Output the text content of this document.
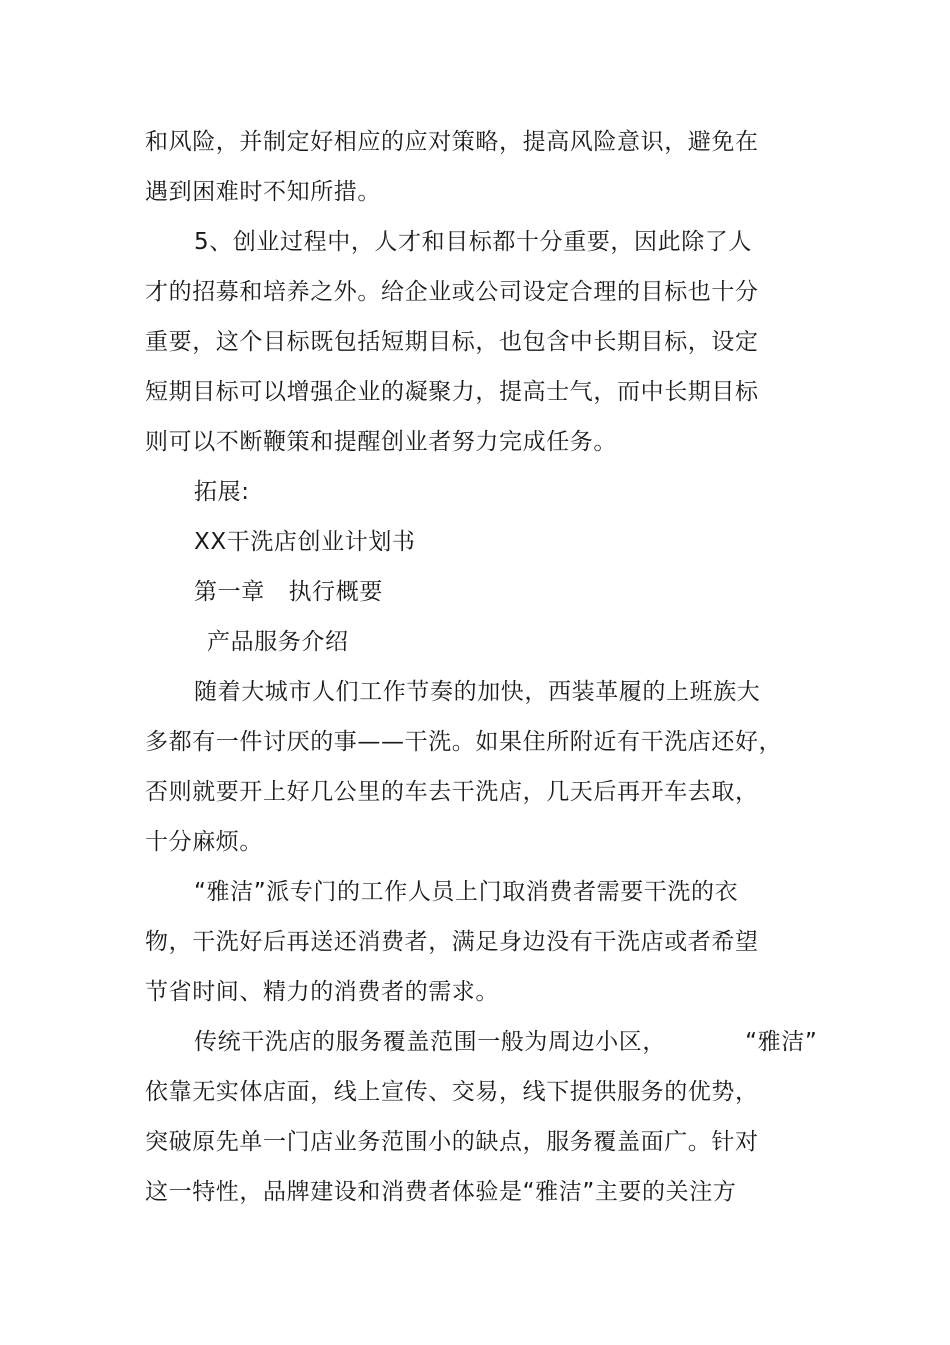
和风险，并制定好相应的应对策略，提高风险意识，避免在
遇到困难时不知所措。
5、创业过程中，人才和目标都十分重要，因此除了人
才的招募和培养之外。给企业或公司设定合理的目标也十分
重要，这个目标既包括短期目标，也包含中长期目标，设定
短期目标可以增强企业的凝聚力，提高士气，而中长期目标
则可以不断鞭策和提醒创业者努力完成任务。
拓展:
XX干洗店创业计划书
第一章   执行概要
产品服务介绍
随着大城市人们工作节奏的加快，西装革履的上班族大
多都有一件讨厌的事——干洗。如果住所附近有干洗店还好，
否则就要开上好几公里的车去干洗店，几天后再开车去取，
十分麻烦。
“雅洁”派专门的工作人员上门取消费者需要干洗的衣
物，干洗好后再送还消费者，满足身边没有干洗店或者希望
节省时间、精力的消费者的需求。
传统干洗店的服务覆盖范围一般为周边小区，          “雅洁”
依靠无实体店面，线上宣传、交易，线下提供服务的优势，
突破原先单一门店业务范围小的缺点，服务覆盖面广。针对
这一特性，品牌建设和消费者体验是“雅洁”主要的关注方
